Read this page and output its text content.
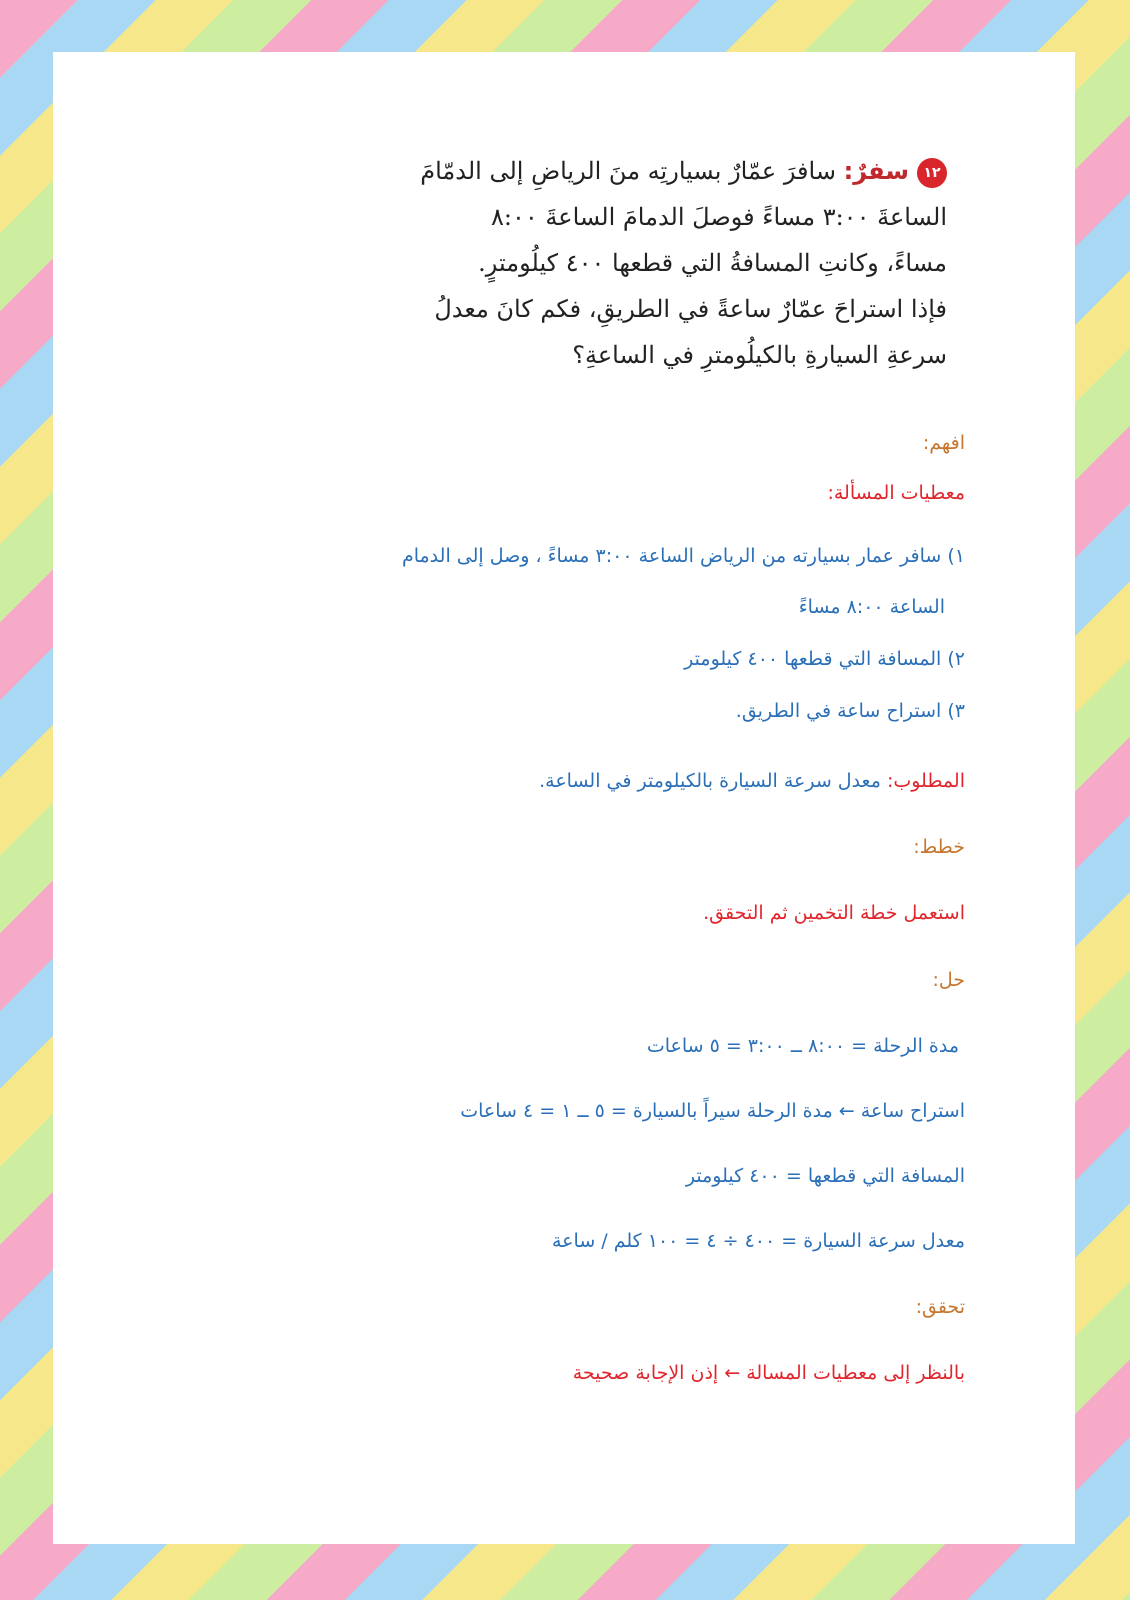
١٢سفرٌ: سافرَ عمّارٌ بسيارتِه منَ الرياضِ إلى الدمّامَ
الساعةَ ٣:٠٠ مساءً فوصلَ الدمامَ الساعةَ ٨:٠٠
مساءً، وكانتِ المسافةُ التي قطعها ٤٠٠ كيلُومترٍ.
فإذا استراحَ عمّارٌ ساعةً في الطريقِ، فكم كانَ معدلُ
سرعةِ السيارةِ بالكيلُومترِ في الساعةِ؟
افهم:
معطيات المسألة:
١) سافر عمار بسيارته من الرياض الساعة ٣:٠٠ مساءً ، وصل إلى الدمام
الساعة ٨:٠٠ مساءً
٢) المسافة التي قطعها ٤٠٠ كيلومتر
٣) استراح ساعة في الطريق.
المطلوب: معدل سرعة السيارة بالكيلومتر في الساعة.
خطط:
استعمل خطة التخمين ثم التحقق.
حل:
مدة الرحلة = ٨:٠٠ ــ ٣:٠٠ = ٥ ساعات
استراح ساعة ← مدة الرحلة سيراً بالسيارة = ٥ ــ ١ = ٤ ساعات
المسافة التي قطعها = ٤٠٠ كيلومتر
معدل سرعة السيارة = ٤٠٠ ÷ ٤ = ١٠٠ كلم / ساعة
تحقق:
بالنظر إلى معطيات المسالة ← إذن الإجابة صحيحة
